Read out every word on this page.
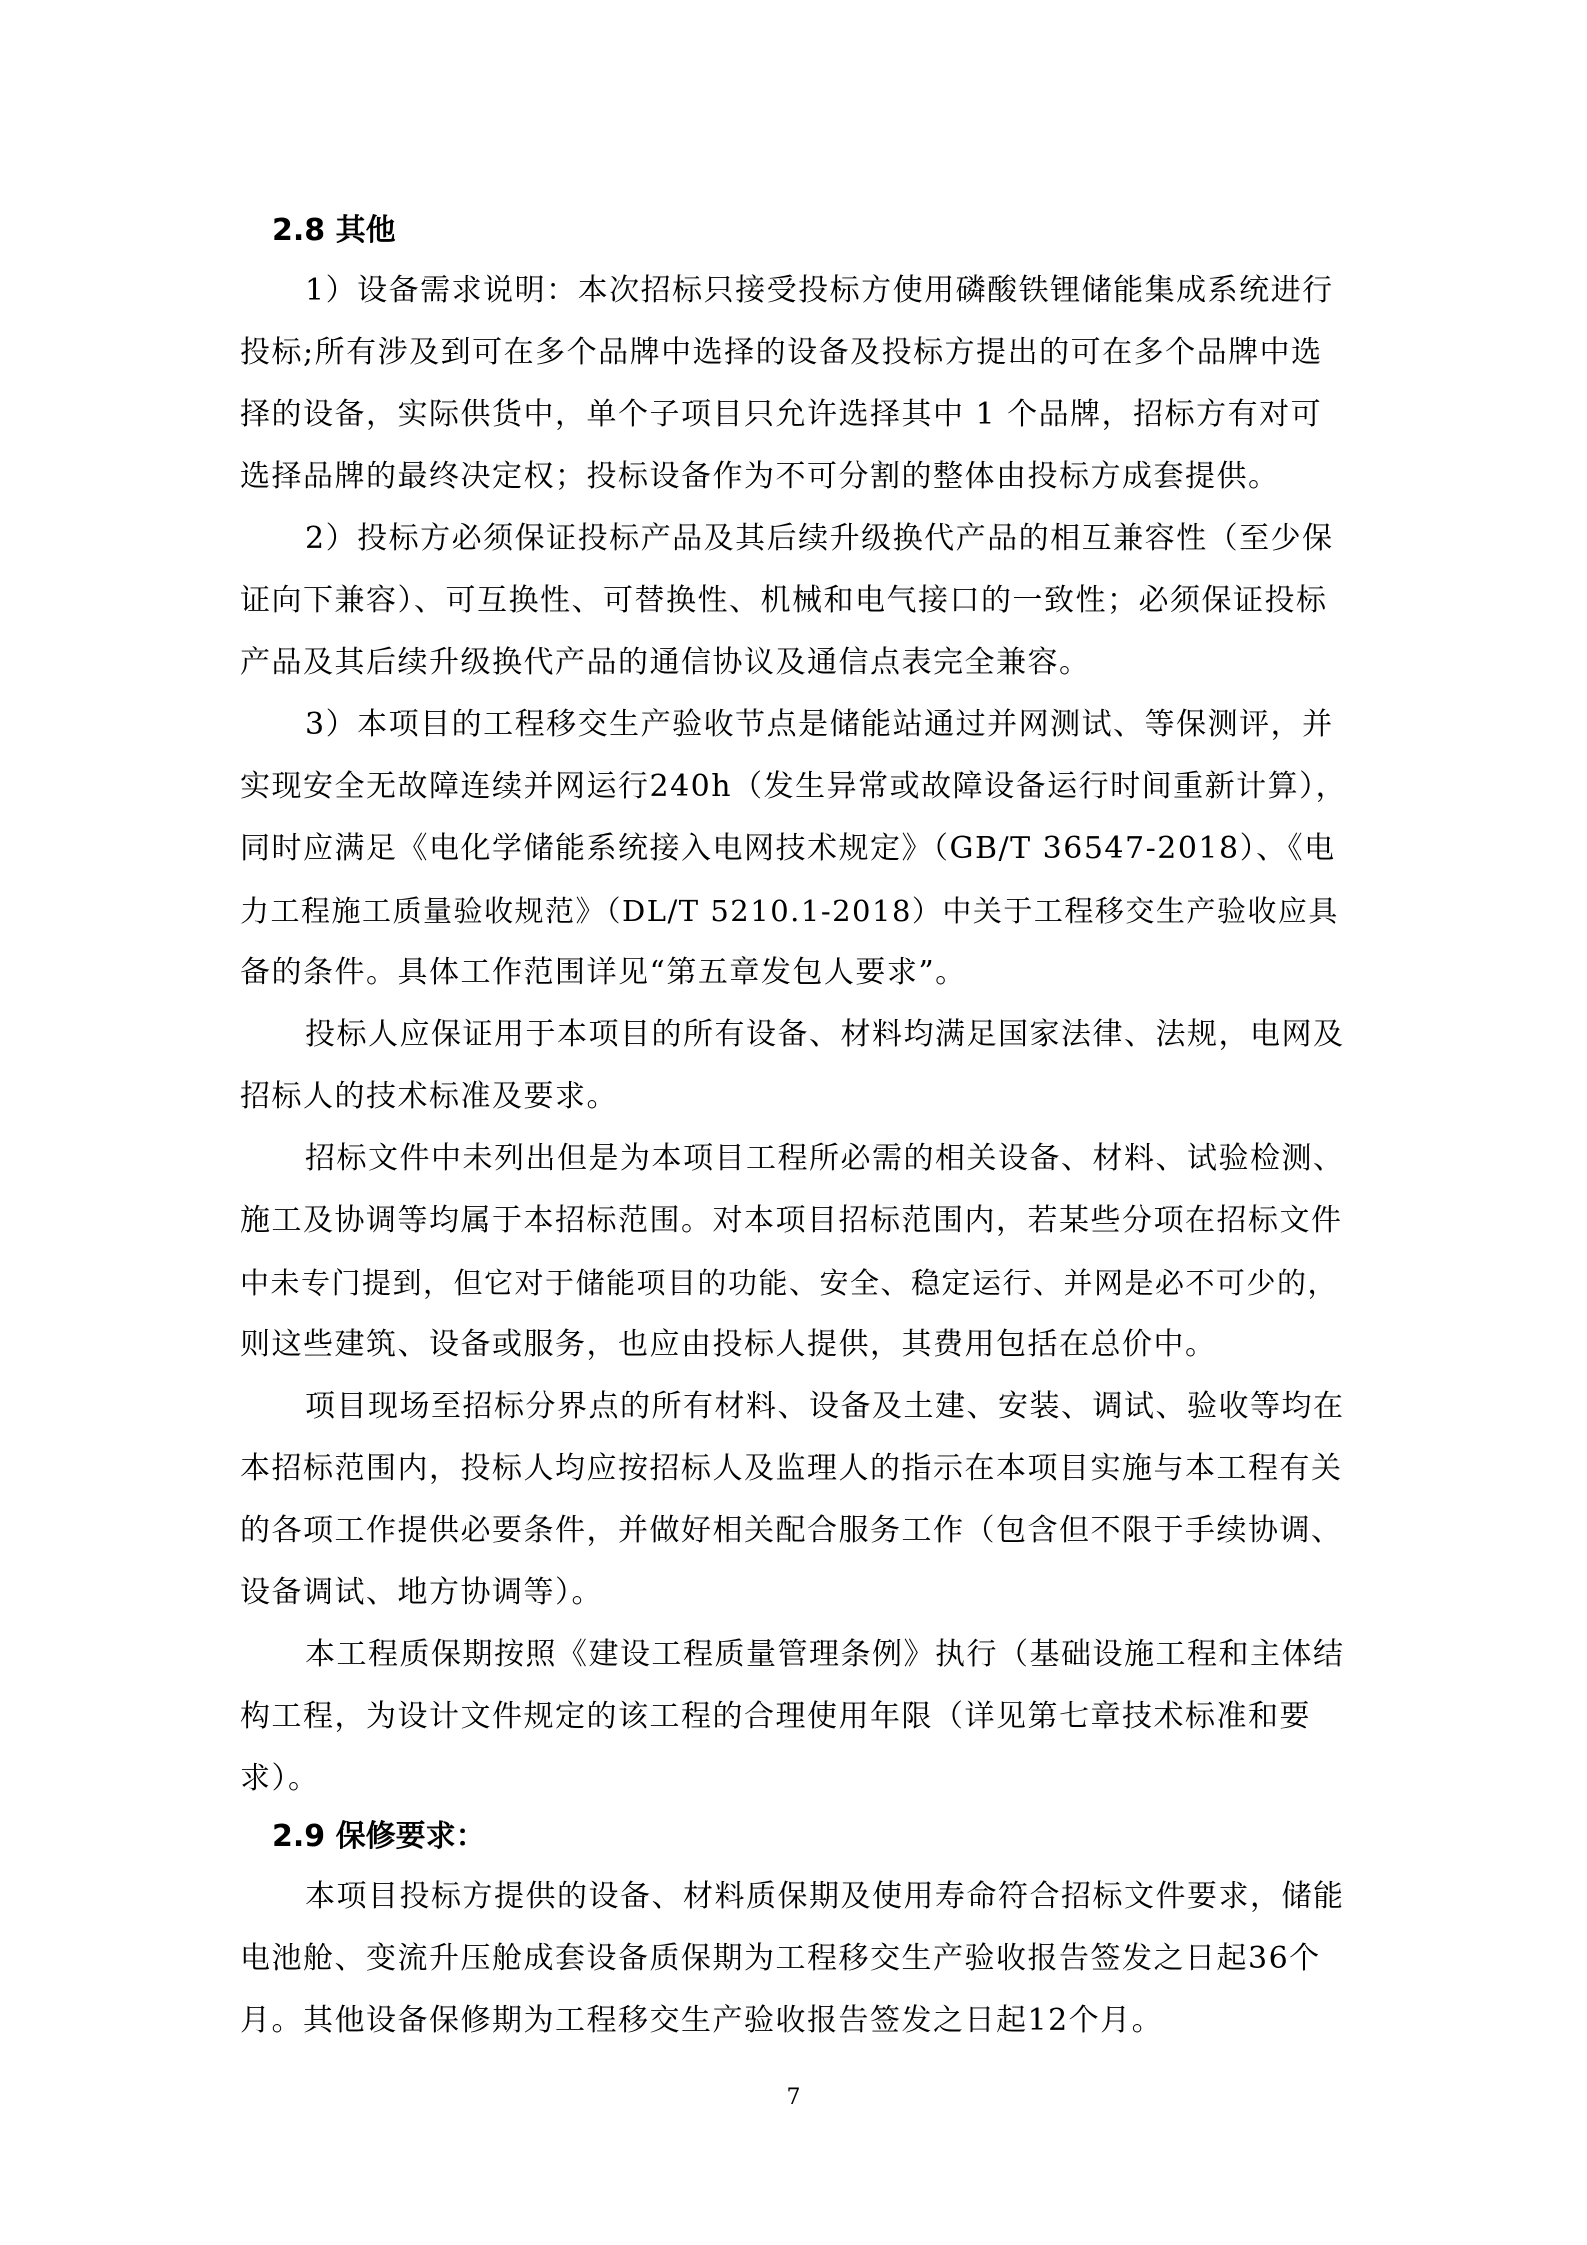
2.8 其他
1）设备需求说明：本次招标只接受投标方使用磷酸铁锂储能集成系统进行
投标;所有涉及到可在多个品牌中选择的设备及投标方提出的可在多个品牌中选
择的设备，实际供货中，单个子项目只允许选择其中 1 个品牌，招标方有对可
选择品牌的最终决定权；投标设备作为不可分割的整体由投标方成套提供。
2）投标方必须保证投标产品及其后续升级换代产品的相互兼容性（至少保
证向下兼容）、可互换性、可替换性、机械和电气接口的一致性；必须保证投标
产品及其后续升级换代产品的通信协议及通信点表完全兼容。
3）本项目的工程移交生产验收节点是储能站通过并网测试、等保测评，并
实现安全无故障连续并网运行240h（发生异常或故障设备运行时间重新计算），
同时应满足《电化学储能系统接入电网技术规定》（GB/T 36547-2018）、《电
力工程施工质量验收规范》（DL/T 5210.1-2018）中关于工程移交生产验收应具
备的条件。具体工作范围详见“第五章发包人要求”。
投标人应保证用于本项目的所有设备、材料均满足国家法律、法规，电网及
招标人的技术标准及要求。
招标文件中未列出但是为本项目工程所必需的相关设备、材料、试验检测、
施工及协调等均属于本招标范围。对本项目招标范围内，若某些分项在招标文件
中未专门提到，但它对于储能项目的功能、安全、稳定运行、并网是必不可少的，
则这些建筑、设备或服务，也应由投标人提供，其费用包括在总价中。
项目现场至招标分界点的所有材料、设备及土建、安装、调试、验收等均在
本招标范围内，投标人均应按招标人及监理人的指示在本项目实施与本工程有关
的各项工作提供必要条件，并做好相关配合服务工作（包含但不限于手续协调、
设备调试、地方协调等）。
本工程质保期按照《建设工程质量管理条例》执行（基础设施工程和主体结
构工程，为设计文件规定的该工程的合理使用年限（详见第七章技术标准和要
求）。
2.9 保修要求：
本项目投标方提供的设备、材料质保期及使用寿命符合招标文件要求，储能
电池舱、变流升压舱成套设备质保期为工程移交生产验收报告签发之日起36个
月。其他设备保修期为工程移交生产验收报告签发之日起12个月。
7
